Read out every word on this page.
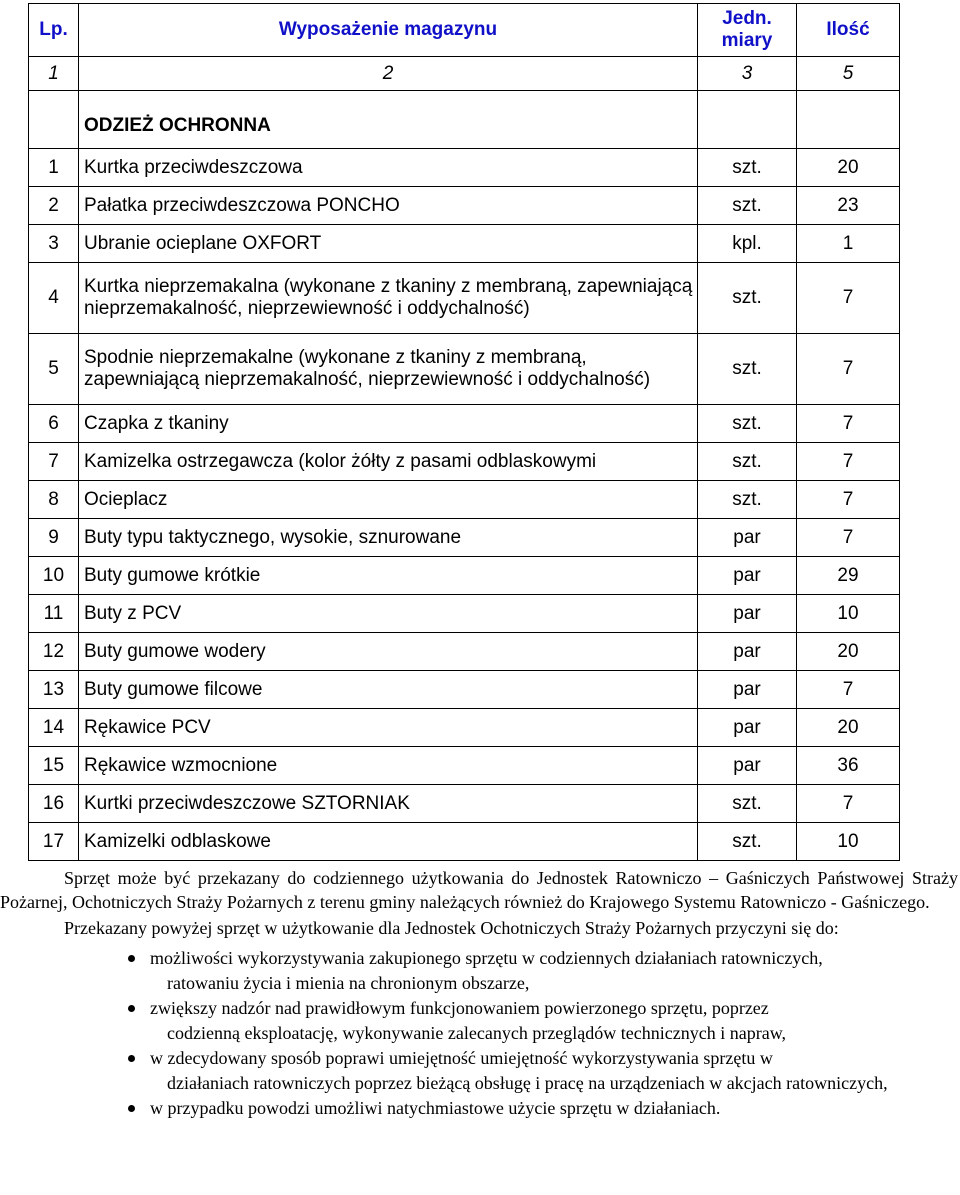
Lp.	Wyposażenie magazynu	Jedn. miary	Ilość
1	2	3	5
	ODZIEŻ OCHRONNA		
1	Kurtka przeciwdeszczowa	szt.	20
2	Pałatka przeciwdeszczowa PONCHO	szt.	23
3	Ubranie ocieplane OXFORT	kpl.	1
4	Kurtka nieprzemakalna (wykonane z tkaniny z membraną, zapewniającą nieprzemakalność, nieprzewiewność i oddychalność)	szt.	7
5	Spodnie nieprzemakalne (wykonane z tkaniny z membraną, zapewniającą nieprzemakalność, nieprzewiewność i oddychalność)	szt.	7
6	Czapka z tkaniny	szt.	7
7	Kamizelka ostrzegawcza (kolor żółty z pasami odblaskowymi	szt.	7
8	Ocieplacz	szt.	7
9	Buty typu taktycznego, wysokie, sznurowane	par	7
10	Buty gumowe krótkie	par	29
11	Buty z PCV	par	10
12	Buty gumowe wodery	par	20
13	Buty gumowe filcowe	par	7
14	Rękawice PCV	par	20
15	Rękawice wzmocnione	par	36
16	Kurtki przeciwdeszczowe SZTORNIAK	szt.	7
17	Kamizelki odblaskowe	szt.	10

Sprzęt może być przekazany do codziennego użytkowania do Jednostek Ratowniczo – Gaśniczych Państwowej Straży Pożarnej, Ochotniczych Straży Pożarnych z terenu gminy należących również do Krajowego Systemu Ratowniczo - Gaśniczego.

Przekazany powyżej sprzęt w użytkowanie dla Jednostek Ochotniczych Straży Pożarnych przyczyni się do:

możliwości wykorzystywania zakupionego sprzętu w codziennych działaniach ratowniczych,
ratowaniu życia i mienia na chronionym obszarze,
zwiększy nadzór nad prawidłowym funkcjonowaniem powierzonego sprzętu, poprzez
codzienną eksploatację, wykonywanie zalecanych przeglądów technicznych i napraw,
w zdecydowany sposób poprawi umiejętność umiejętność wykorzystywania sprzętu w
działaniach ratowniczych poprzez bieżącą obsługę i pracę na urządzeniach w akcjach ratowniczych,
w przypadku powodzi umożliwi natychmiastowe użycie sprzętu w działaniach.
